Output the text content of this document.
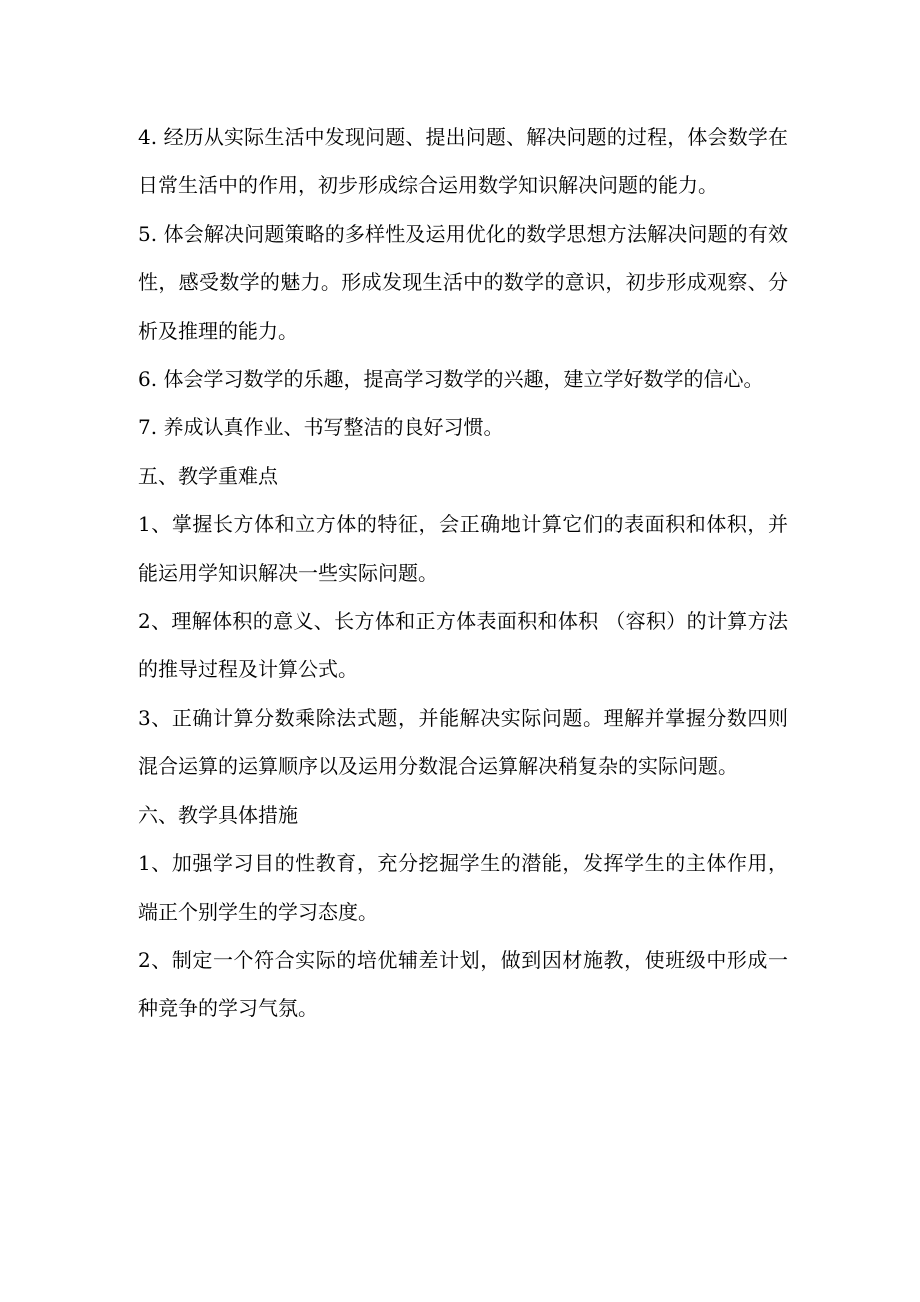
4. 经历从实际生活中发现问题、提出问题、解决问题的过程，体会数学在日常生活中的作用，初步形成综合运用数学知识解决问题的能力。

5. 体会解决问题策略的多样性及运用优化的数学思想方法解决问题的有效性，感受数学的魅力。形成发现生活中的数学的意识，初步形成观察、分析及推理的能力。

6. 体会学习数学的乐趣，提高学习数学的兴趣，建立学好数学的信心。

7. 养成认真作业、书写整洁的良好习惯。

五、教学重难点

1、掌握长方体和立方体的特征，会正确地计算它们的表面积和体积，并能运用学知识解决一些实际问题。

2、理解体积的意义、长方体和正方体表面积和体积 （容积）的计算方法的推导过程及计算公式。

3、正确计算分数乘除法式题，并能解决实际问题。理解并掌握分数四则混合运算的运算顺序以及运用分数混合运算解决稍复杂的实际问题。

六、教学具体措施

1、加强学习目的性教育，充分挖掘学生的潜能，发挥学生的主体作用，端正个别学生的学习态度。

2、制定一个符合实际的培优辅差计划，做到因材施教，使班级中形成一种竞争的学习气氛。
